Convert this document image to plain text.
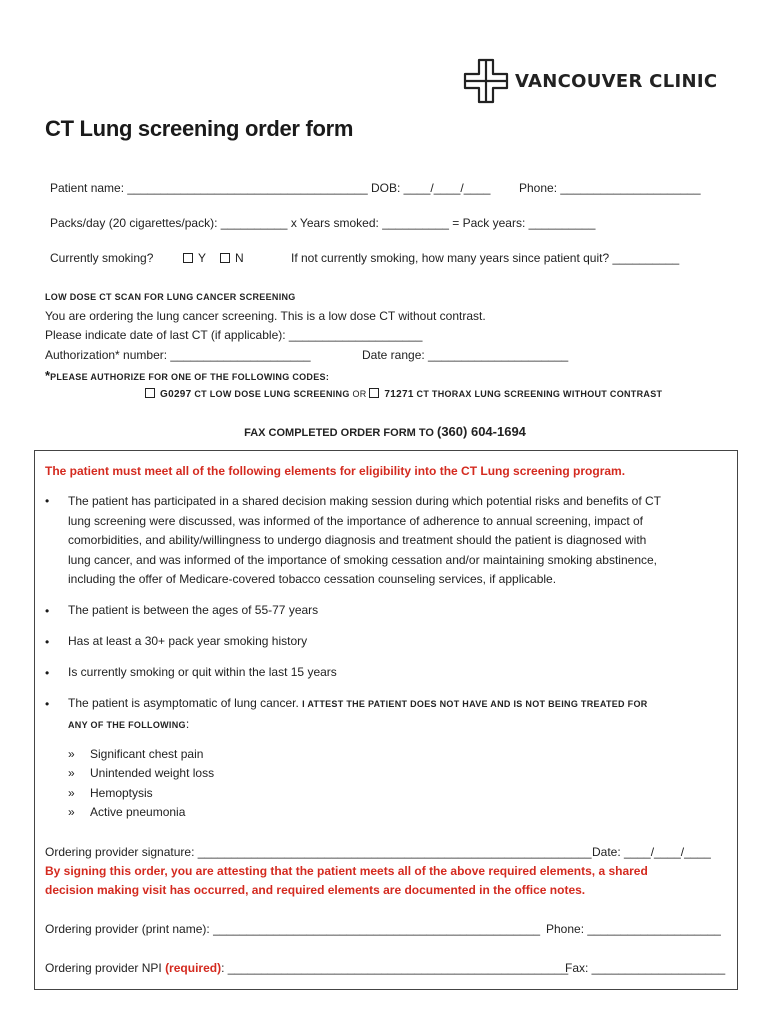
VANCOUVER CLINIC
CT Lung screening order form
Patient name: ____________________________________ DOB: ____/____/____ Phone: _____________________
Packs/day (20 cigarettes/pack): __________ x Years smoked: __________ = Pack years: __________
Currently smoking?	Y	N	If not currently smoking, how many years since patient quit? __________
LOW DOSE CT SCAN FOR LUNG CANCER SCREENING
You are ordering the lung cancer screening. This is a low dose CT without contrast.
Please indicate date of last CT (if applicable): ____________________
Authorization* number: _____________________	Date range: _____________________
*PLEASE AUTHORIZE FOR ONE OF THE FOLLOWING CODES:
G0297 CT LOW DOSE LUNG SCREENING OR 71271 CT THORAX LUNG SCREENING WITHOUT CONTRAST
FAX COMPLETED ORDER FORM TO (360) 604-1694
The patient must meet all of the following elements for eligibility into the CT Lung screening program.
• The patient has participated in a shared decision making session during which potential risks and benefits of CT
lung screening were discussed, was informed of the importance of adherence to annual screening, impact of
comorbidities, and ability/willingness to undergo diagnosis and treatment should the patient is diagnosed with
lung cancer, and was informed of the importance of smoking cessation and/or maintaining smoking abstinence,
including the offer of Medicare-covered tobacco cessation counseling services, if applicable.
• The patient is between the ages of 55-77 years
• Has at least a 30+ pack year smoking history
• Is currently smoking or quit within the last 15 years
• The patient is asymptomatic of lung cancer. I ATTEST THE PATIENT DOES NOT HAVE AND IS NOT BEING TREATED FOR
ANY OF THE FOLLOWING:
» Significant chest pain
» Unintended weight loss
» Hemoptysis
» Active pneumonia
Ordering provider signature: ___________________________________________________________ Date: ____/____/____
By signing this order, you are attesting that the patient meets all of the above required elements, a shared
decision making visit has occurred, and required elements are documented in the office notes.
Ordering provider (print name): _________________________________________________ Phone: ____________________
Ordering provider NPI (required): ___________________________________________________
Fax: ____________________
